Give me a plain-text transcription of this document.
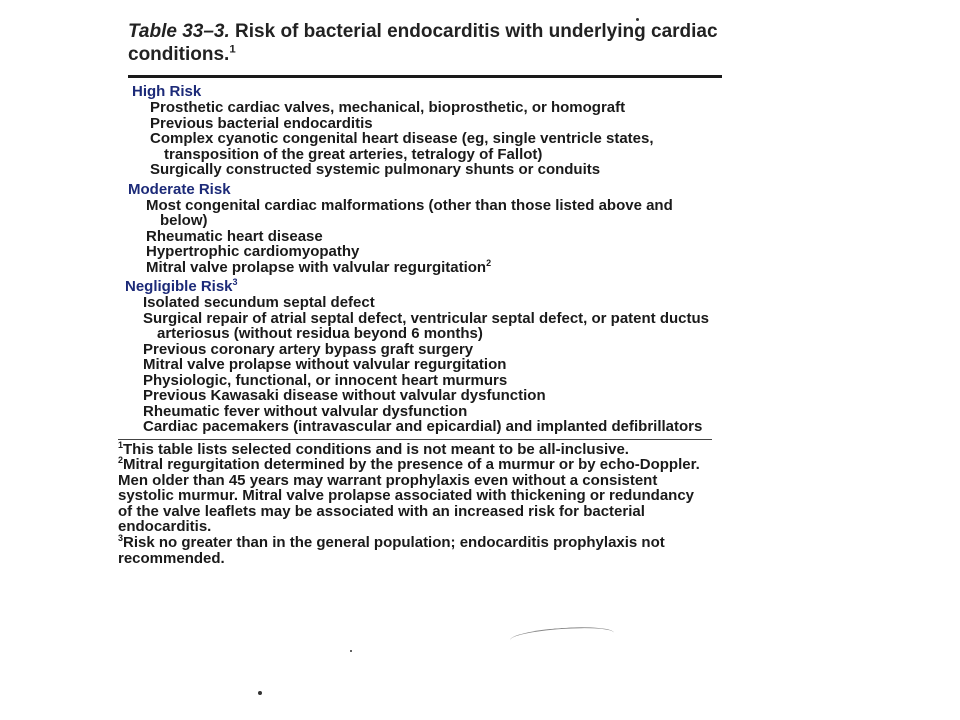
Table 33–3. Risk of bacterial endocarditis with underlying cardiac conditions.$^1$
High Risk
Prosthetic cardiac valves, mechanical, bioprosthetic, or homograft
Previous bacterial endocarditis
Complex cyanotic congenital heart disease (eg, single ventricle states, transposition of the great arteries, tetralogy of Fallot)
Surgically constructed systemic pulmonary shunts or conduits
Moderate Risk
Most congenital cardiac malformations (other than those listed above and below)
Rheumatic heart disease
Hypertrophic cardiomyopathy
Mitral valve prolapse with valvular regurgitation$^2$
Negligible Risk$^3$
Isolated secundum septal defect
Surgical repair of atrial septal defect, ventricular septal defect, or patent ductus arteriosus (without residua beyond 6 months)
Previous coronary artery bypass graft surgery
Mitral valve prolapse without valvular regurgitation
Physiologic, functional, or innocent heart murmurs
Previous Kawasaki disease without valvular dysfunction
Rheumatic fever without valvular dysfunction
Cardiac pacemakers (intravascular and epicardial) and implanted defibrillators
$^1$This table lists selected conditions and is not meant to be all-inclusive.
$^2$Mitral regurgitation determined by the presence of a murmur or by echo-Doppler. Men older than 45 years may warrant prophylaxis even without a consistent systolic murmur. Mitral valve prolapse associated with thickening or redundancy of the valve leaflets may be associated with an increased risk for bacterial endocarditis.
$^3$Risk no greater than in the general population; endocarditis prophylaxis not recommended.
